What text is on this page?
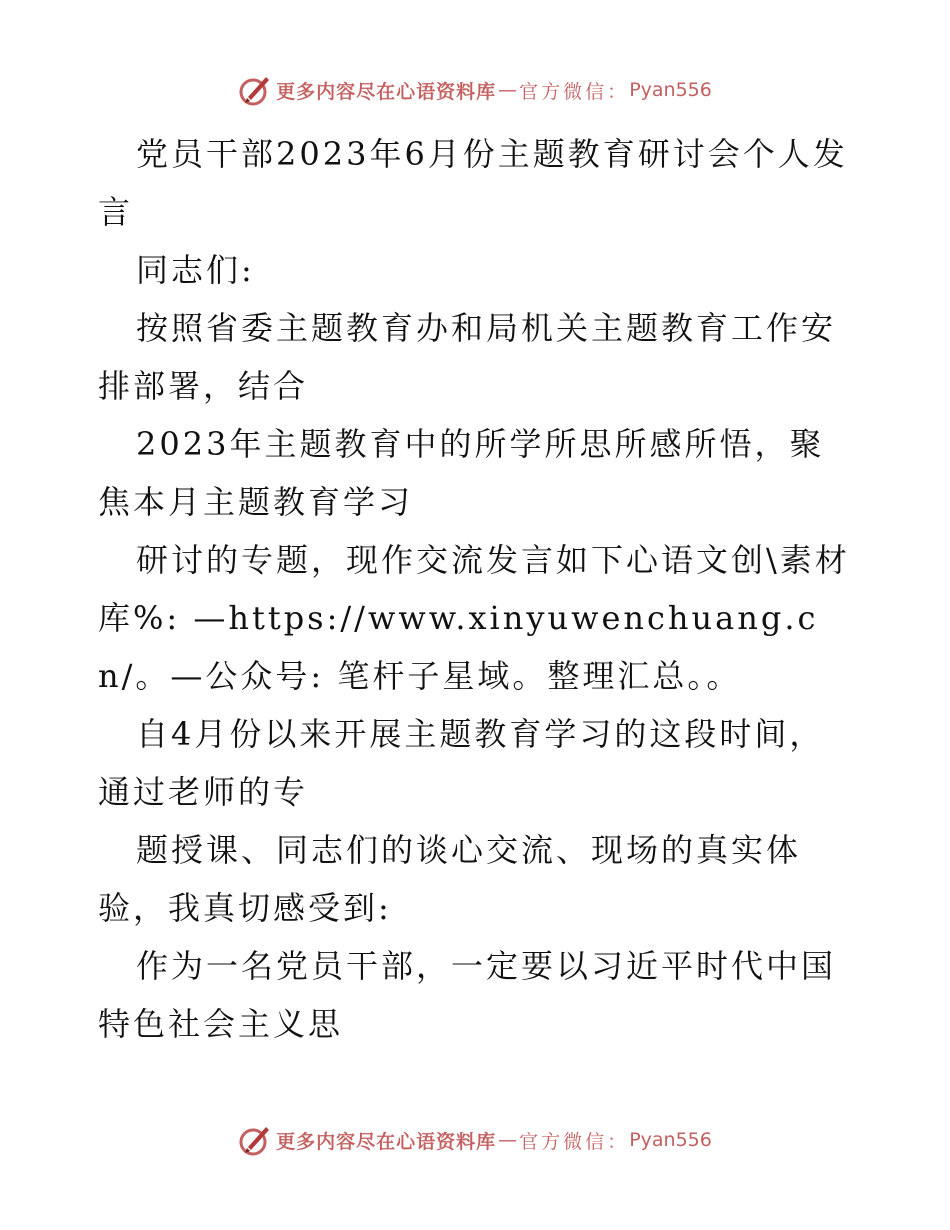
更多内容尽在心语资料库 — 官方微信： Pyan556

党员干部2023年6月份主题教育研讨会个人发言

同志们:

按照省委主题教育办和局机关主题教育工作安排部署，结合

2023年主题教育中的所学所思所感所悟，聚焦本月主题教育学习

研讨的专题，现作交流发言如下心语文创\素材库%: —https://www.xinyuwenchuang.cn/。—公众号: 笔杆子星域。整理汇总。。

自4月份以来开展主题教育学习的这段时间，通过老师的专

题授课、同志们的谈心交流、现场的真实体验，我真切感受到:

作为一名党员干部，一定要以习近平时代中国特色社会主义思

更多内容尽在心语资料库 — 官方微信： Pyan556
